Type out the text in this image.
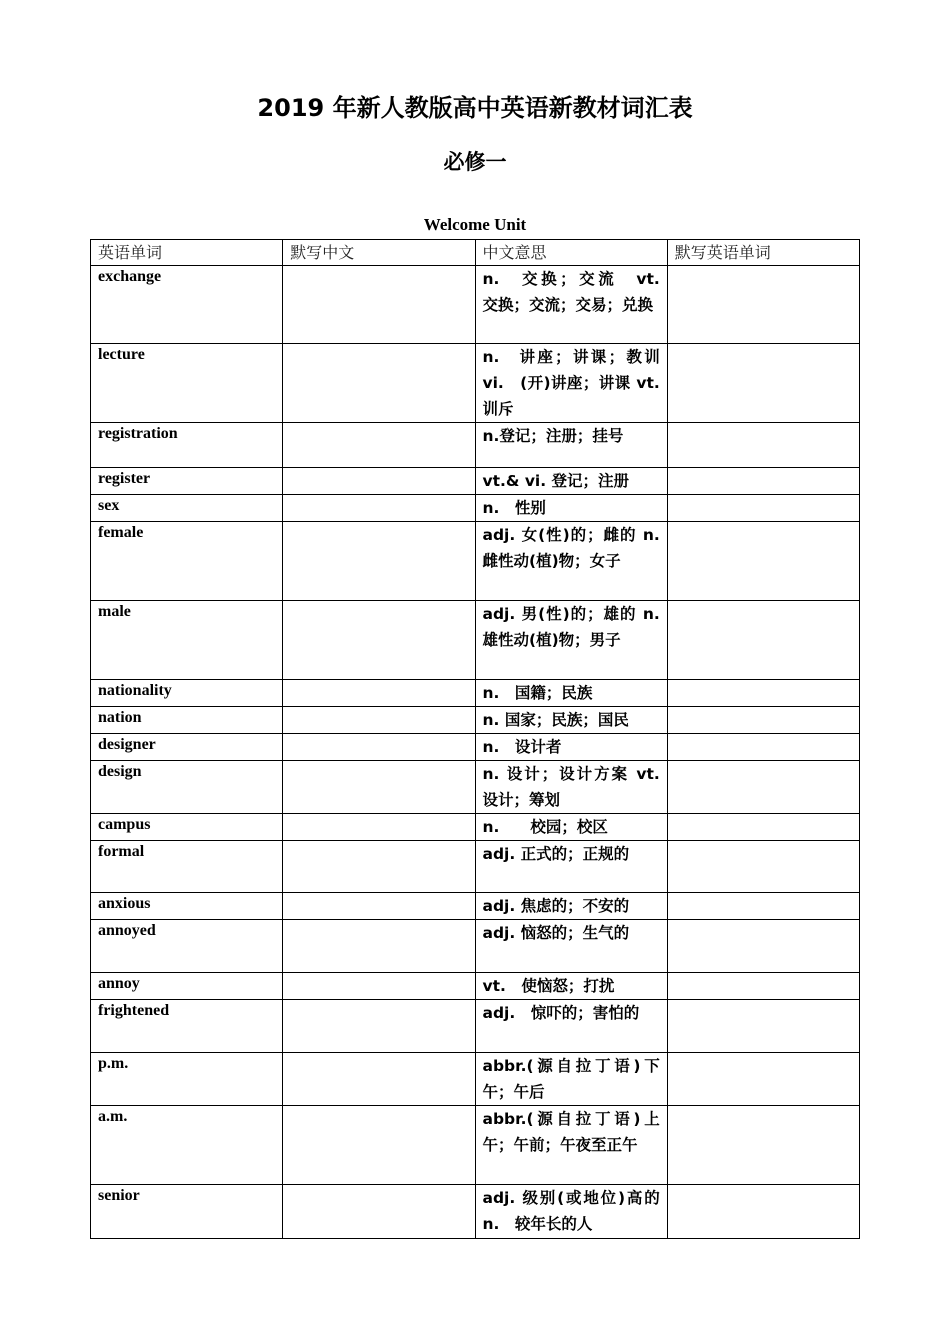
2019 年新人教版高中英语新教材词汇表
必修一
Welcome Unit
英语单词	默写中文	中文意思	默写英语单词
exchange		n.　交换；交流　vt.　交换；交流；交易；兑换	
lecture		n.　讲座；讲课；教训 vi.　(开)讲座；讲课 vt. 训斥	
registration		n.登记；注册；挂号	
register		vt.& vi. 登记；注册	
sex		n.　性别	
female		adj. 女(性)的；雌的 n.　雌性动(植)物；女子	
male		adj. 男(性)的；雄的 n.　雄性动(植)物；男子	
nationality		n.　国籍；民族	
nation		n. 国家；民族；国民	
designer		n.　设计者	
design		n. 设计；设计方案 vt.　设计；筹划	
campus		n.　　校园；校区	
formal		adj. 正式的；正规的	
anxious		adj. 焦虑的；不安的	
annoyed		adj. 恼怒的；生气的	
annoy		vt.　使恼怒；打扰	
frightened		adj.　惊吓的；害怕的	
p.m.		abbr.(源自拉丁语)下午；午后	
a.m.		abbr.(源自拉丁语)上午；午前；午夜至正午	
senior		adj. 级别(或地位)高的 n.　较年长的人	
